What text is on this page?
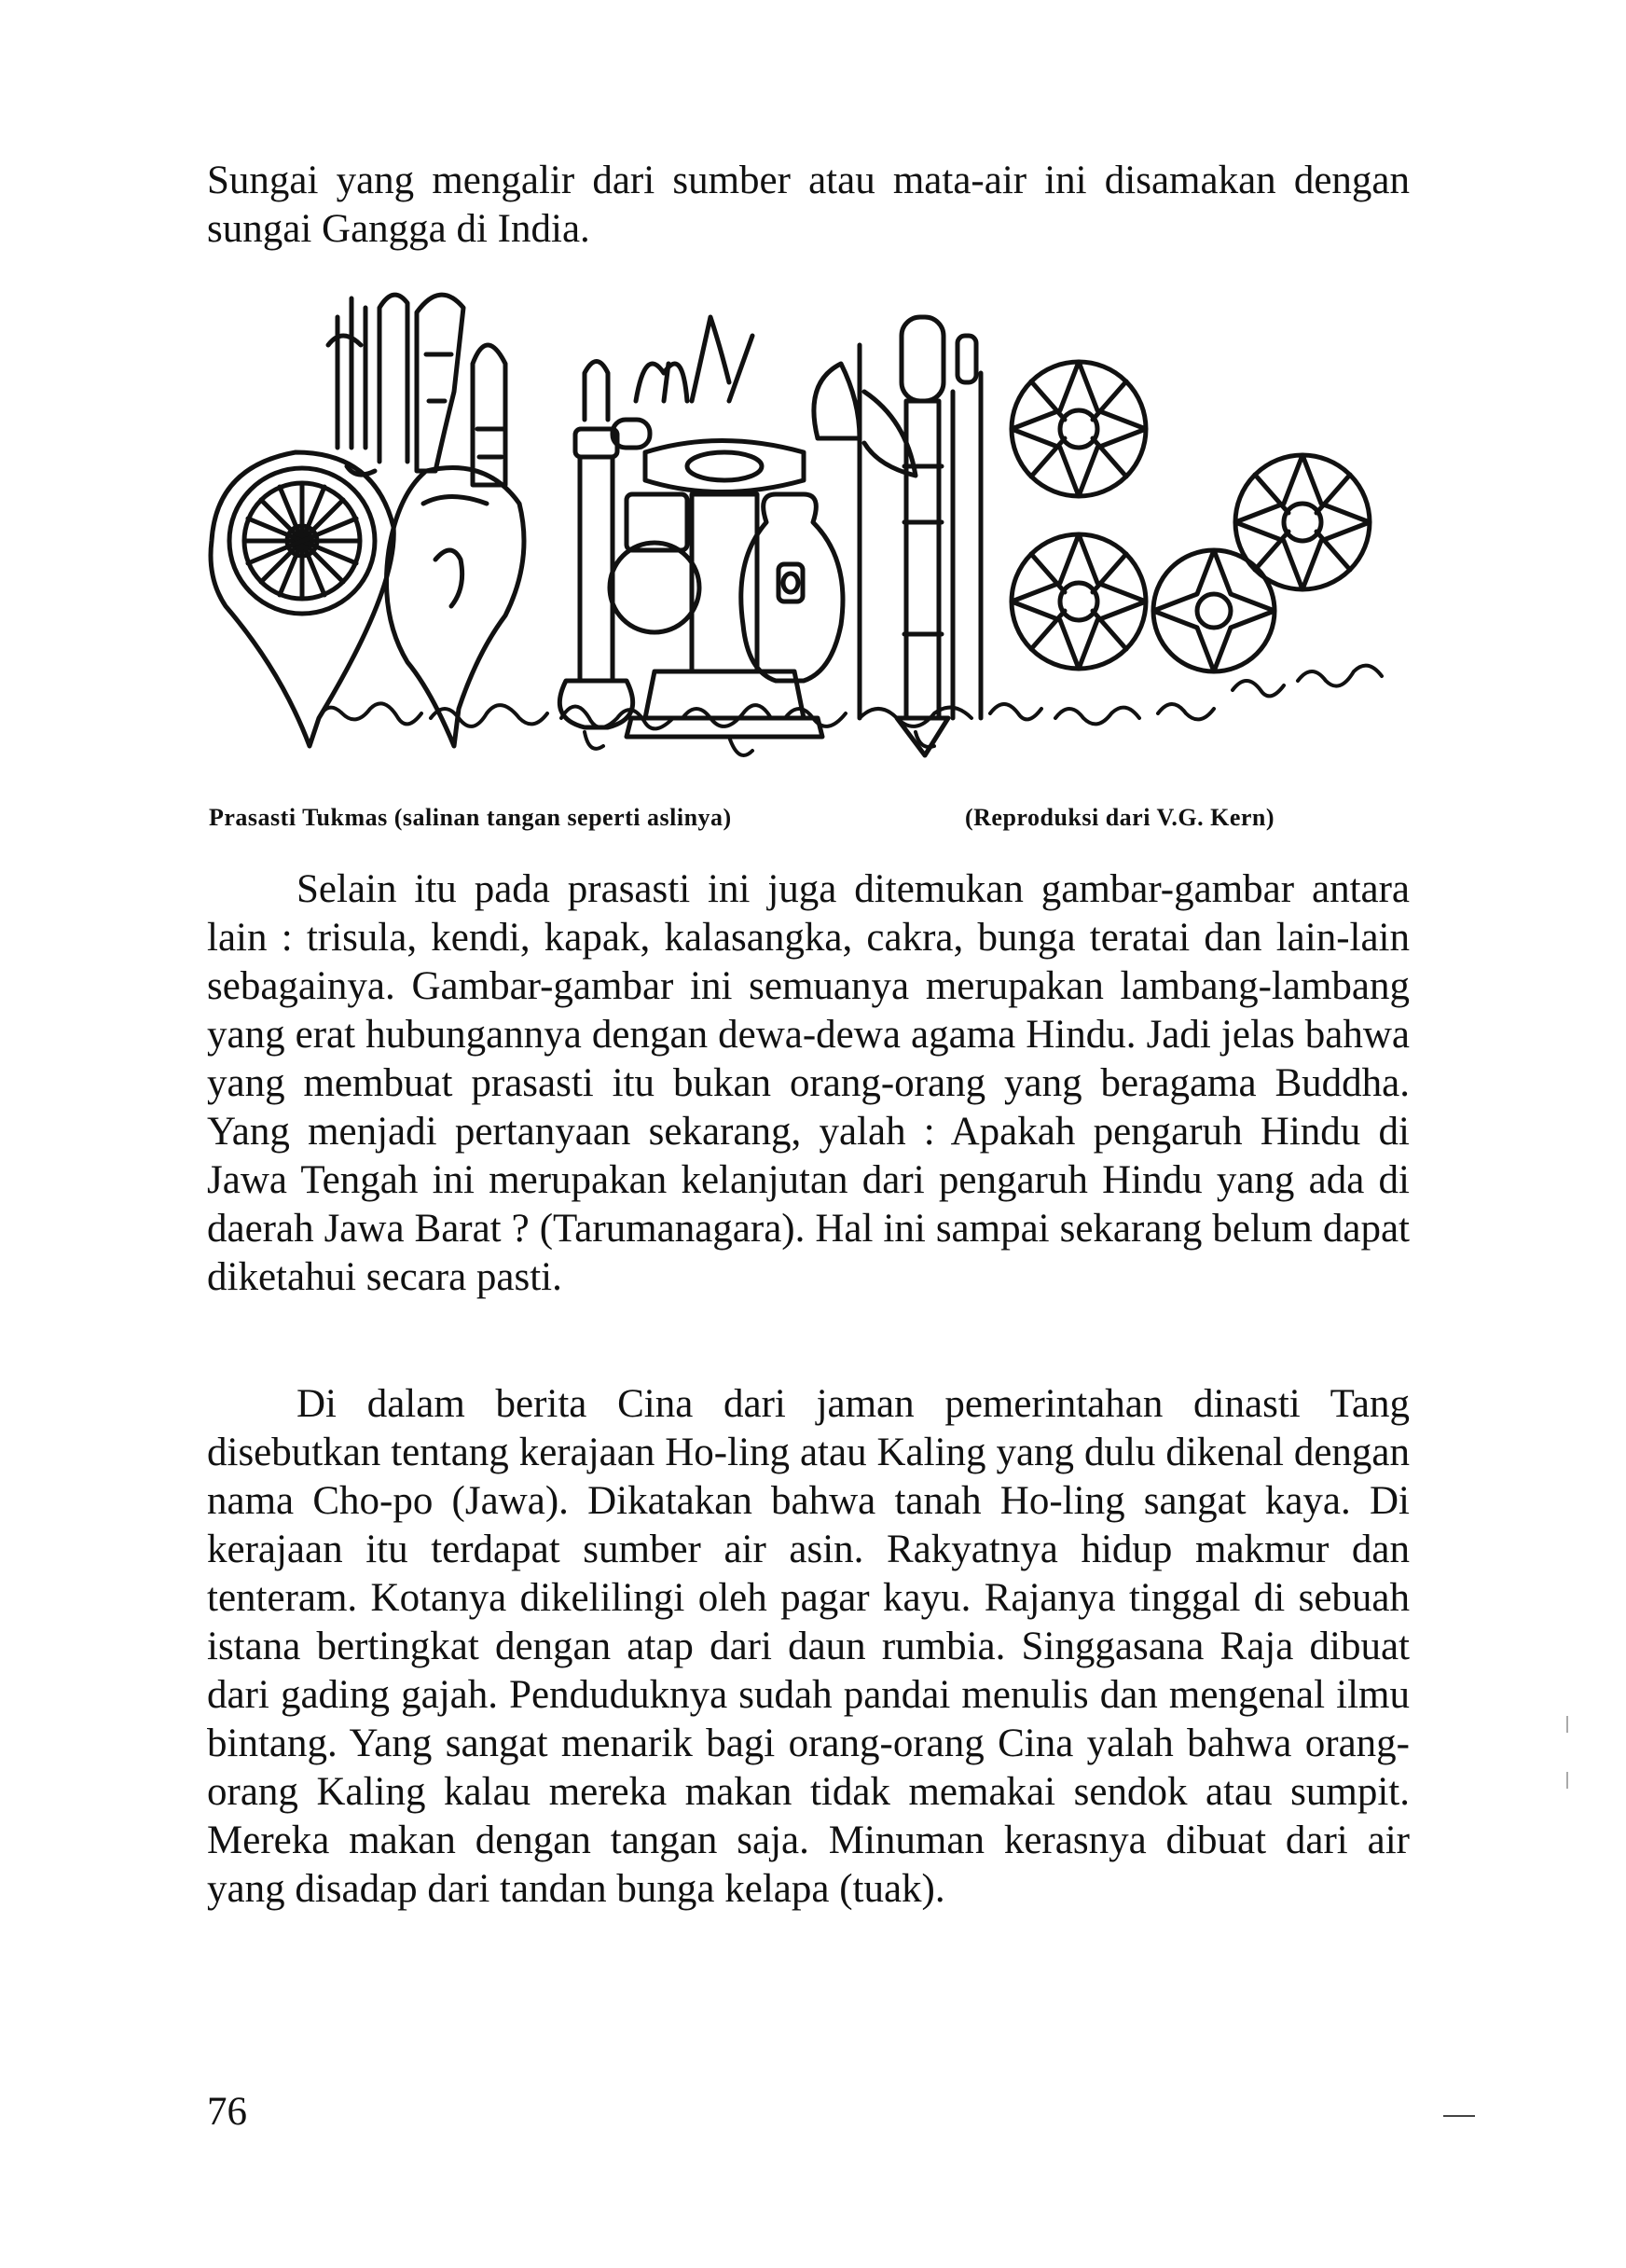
Sungai yang mengalir dari sumber atau mata-air ini disamakan dengan sungai Gangga di India.

Prasasti Tukmas (salinan tangan seperti aslinya)	(Reproduksi dari V.G. Kern)

Selain itu pada prasasti ini juga ditemukan gambar-gambar antara lain : trisula, kendi, kapak, kalasangka, cakra, bunga teratai dan lain-lain sebagainya. Gambar-gambar ini semuanya merupakan lambang-lambang yang erat hubungannya dengan dewa-dewa agama Hindu. Jadi jelas bahwa yang membuat prasasti itu bukan orang-orang yang beragama Buddha. Yang menjadi pertanyaan sekarang, yalah : Apakah pengaruh Hindu di Jawa Tengah ini merupakan kelanjutan dari pengaruh Hindu yang ada di daerah Jawa Barat ? (Tarumanagara). Hal ini sampai sekarang belum dapat diketahui secara pasti.

Di dalam berita Cina dari jaman pemerintahan dinasti Tang disebutkan tentang kerajaan Ho-ling atau Kaling yang dulu dikenal dengan nama Cho-po (Jawa). Dikatakan bahwa tanah Ho-ling sangat kaya. Di kerajaan itu terdapat sumber air asin. Rakyatnya hidup makmur dan tenteram. Kotanya dikelilingi oleh pagar kayu. Rajanya tinggal di sebuah istana bertingkat dengan atap dari daun rumbia. Singgasana Raja dibuat dari gading gajah. Penduduknya sudah pandai menulis dan mengenal ilmu bintang. Yang sangat menarik bagi orang-orang Cina yalah bahwa orang-orang Kaling kalau mereka makan tidak memakai sendok atau sumpit. Mereka makan dengan tangan saja. Minuman kerasnya dibuat dari air yang disadap dari tandan bunga kelapa (tuak).

76
